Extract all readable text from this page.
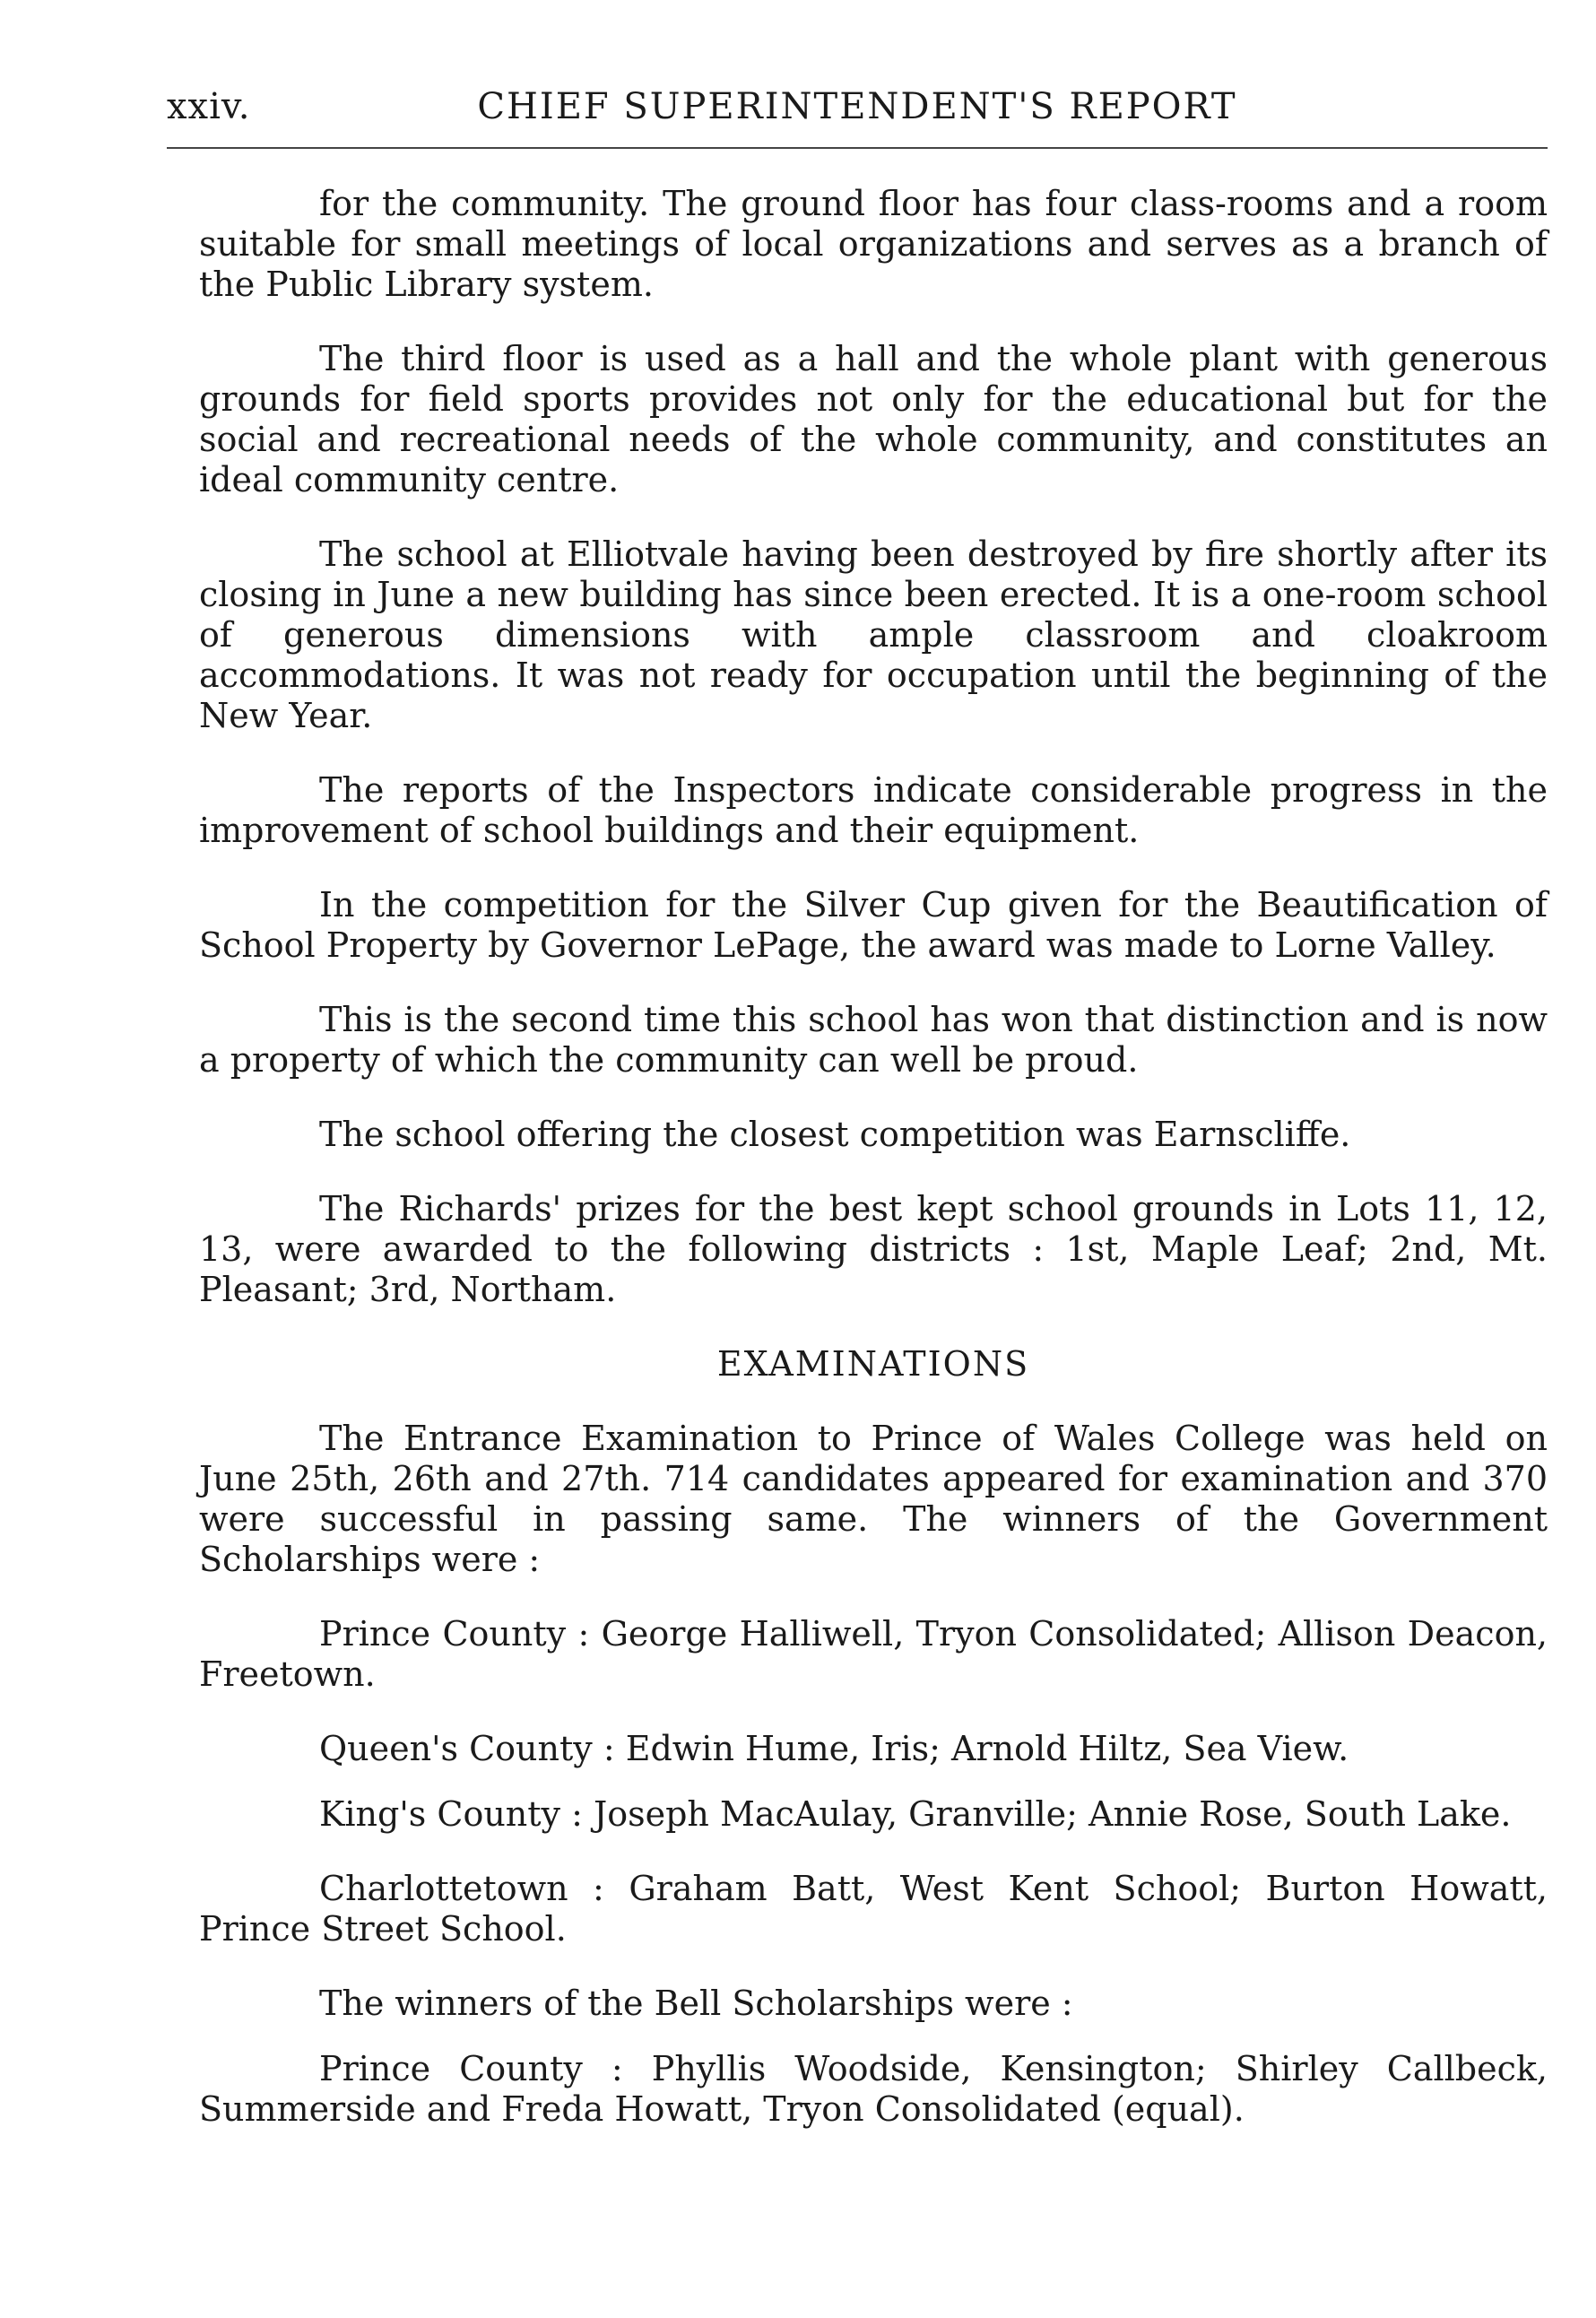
xxiv.	CHIEF SUPERINTENDENT'S REPORT

for the community. The ground floor has four class-rooms and a room suitable for small meetings of local organizations and serves as a branch of the Public Library system.

The third floor is used as a hall and the whole plant with generous grounds for field sports provides not only for the educational but for the social and recreational needs of the whole community, and constitutes an ideal community centre.

The school at Elliotvale having been destroyed by fire shortly after its closing in June a new building has since been erected. It is a one-room school of generous dimensions with ample classroom and cloakroom accommodations. It was not ready for occupation until the beginning of the New Year.

The reports of the Inspectors indicate considerable progress in the improvement of school buildings and their equipment.

In the competition for the Silver Cup given for the Beautification of School Property by Governor LePage, the award was made to Lorne Valley.

This is the second time this school has won that distinction and is now a property of which the community can well be proud.

The school offering the closest competition was Earnscliffe.

The Richards' prizes for the best kept school grounds in Lots 11, 12, 13, were awarded to the following districts : 1st, Maple Leaf; 2nd, Mt. Pleasant; 3rd, Northam.

EXAMINATIONS

The Entrance Examination to Prince of Wales College was held on June 25th, 26th and 27th. 714 candidates appeared for examination and 370 were successful in passing same. The winners of the Government Scholarships were :

Prince County : George Halliwell, Tryon Consolidated; Allison Deacon, Freetown.

Queen's County : Edwin Hume, Iris; Arnold Hiltz, Sea View.

King's County : Joseph MacAulay, Granville; Annie Rose, South Lake.

Charlottetown : Graham Batt, West Kent School; Burton Howatt, Prince Street School.

The winners of the Bell Scholarships were :

Prince County : Phyllis Woodside, Kensington; Shirley Callbeck, Summerside and Freda Howatt, Tryon Consolidated (equal).
